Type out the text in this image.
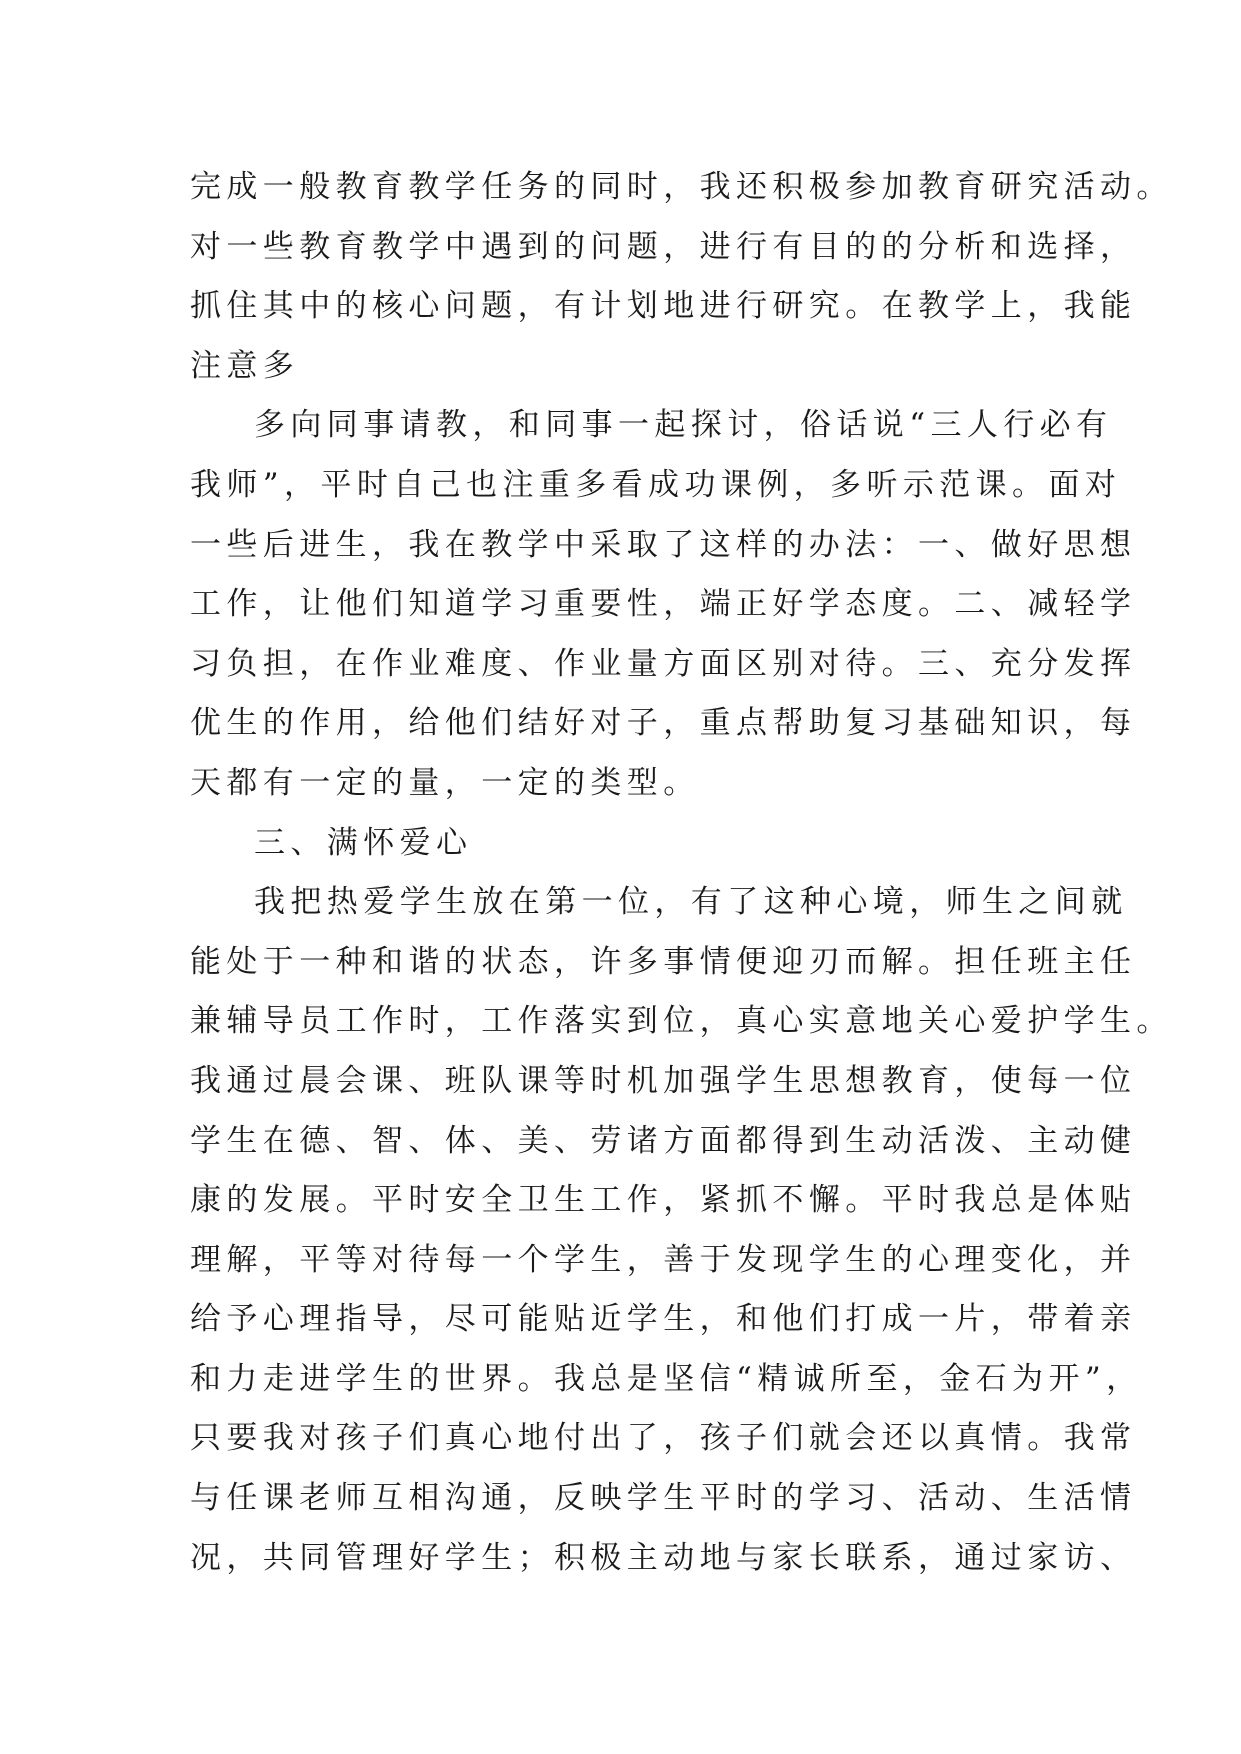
完成一般教育教学任务的同时，我还积极参加教育研究活动。
对一些教育教学中遇到的问题，进行有目的的分析和选择，
抓住其中的核心问题，有计划地进行研究。在教学上，我能
注意多
多向同事请教，和同事一起探讨，俗话说“三人行必有
我师”，平时自己也注重多看成功课例，多听示范课。面对
一些后进生，我在教学中采取了这样的办法：一、做好思想
工作，让他们知道学习重要性，端正好学态度。二、减轻学
习负担，在作业难度、作业量方面区别对待。三、充分发挥
优生的作用，给他们结好对子，重点帮助复习基础知识，每
天都有一定的量，一定的类型。
三、满怀爱心
我把热爱学生放在第一位，有了这种心境，师生之间就
能处于一种和谐的状态，许多事情便迎刃而解。担任班主任
兼辅导员工作时，工作落实到位，真心实意地关心爱护学生。
我通过晨会课、班队课等时机加强学生思想教育，使每一位
学生在德、智、体、美、劳诸方面都得到生动活泼、主动健
康的发展。平时安全卫生工作，紧抓不懈。平时我总是体贴
理解，平等对待每一个学生，善于发现学生的心理变化，并
给予心理指导，尽可能贴近学生，和他们打成一片，带着亲
和力走进学生的世界。我总是坚信“精诚所至，金石为开”，
只要我对孩子们真心地付出了，孩子们就会还以真情。我常
与任课老师互相沟通，反映学生平时的学习、活动、生活情
况，共同管理好学生；积极主动地与家长联系，通过家访、
